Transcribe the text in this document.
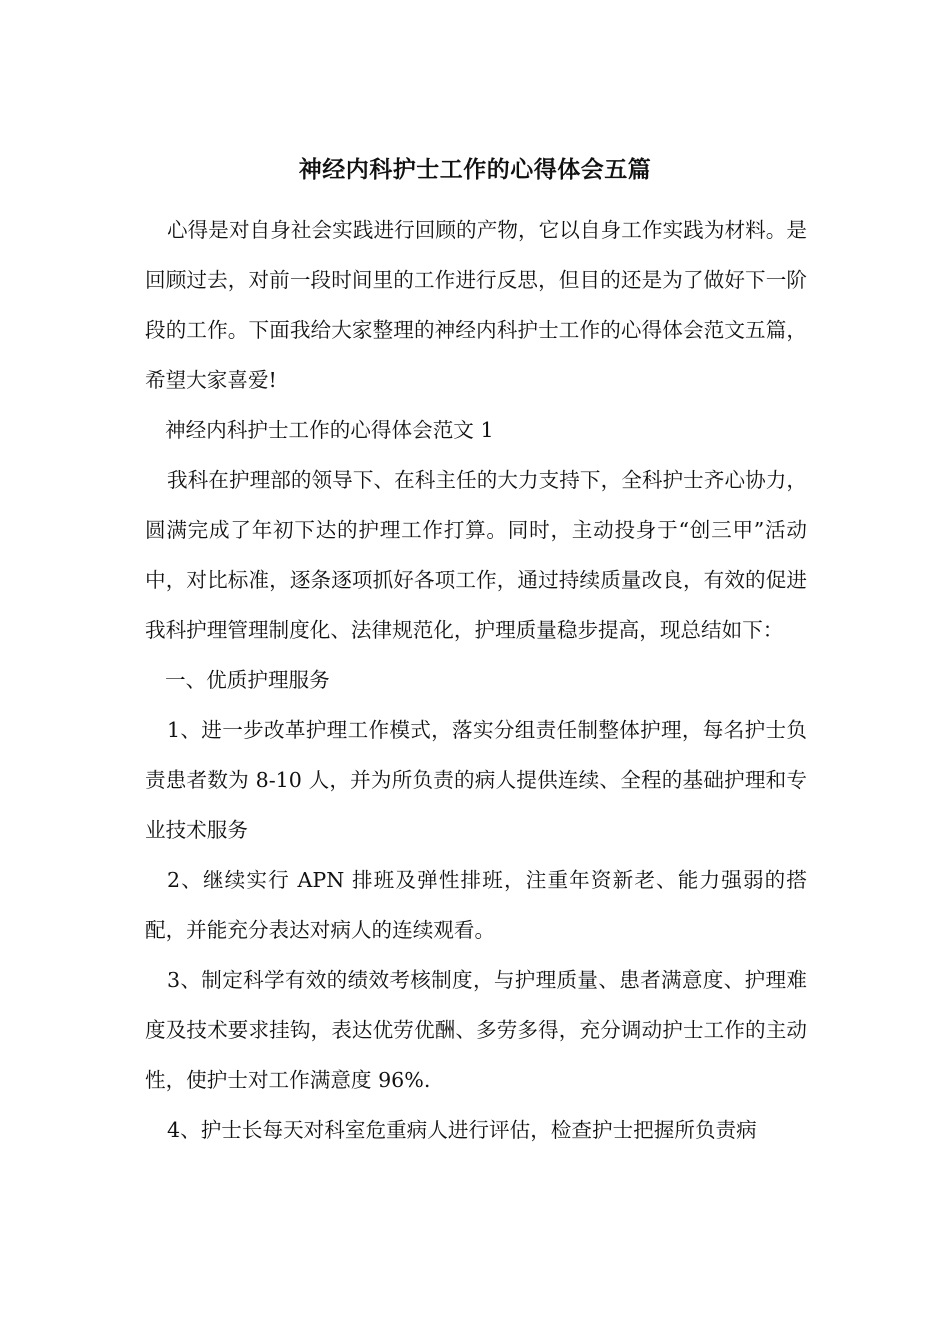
神经内科护士工作的心得体会五篇

心得是对自身社会实践进行回顾的产物，它以自身工作实践为材料。是回顾过去，对前一段时间里的工作进行反思，但目的还是为了做好下一阶段的工作。下面我给大家整理的神经内科护士工作的心得体会范文五篇，希望大家喜爱!

神经内科护士工作的心得体会范文 1

我科在护理部的领导下、在科主任的大力支持下，全科护士齐心协力，圆满完成了年初下达的护理工作打算。同时，主动投身于“创三甲”活动中，对比标准，逐条逐项抓好各项工作，通过持续质量改良，有效的促进我科护理管理制度化、法律规范化，护理质量稳步提高，现总结如下：

一、优质护理服务

1、进一步改革护理工作模式，落实分组责任制整体护理，每名护士负责患者数为 8-10 人，并为所负责的病人提供连续、全程的基础护理和专业技术服务

2、继续实行 APN 排班及弹性排班，注重年资新老、能力强弱的搭配，并能充分表达对病人的连续观看。

3、制定科学有效的绩效考核制度，与护理质量、患者满意度、护理难度及技术要求挂钩，表达优劳优酬、多劳多得，充分调动护士工作的主动性，使护士对工作满意度 96%.

4、护士长每天对科室危重病人进行评估，检查护士把握所负责病
